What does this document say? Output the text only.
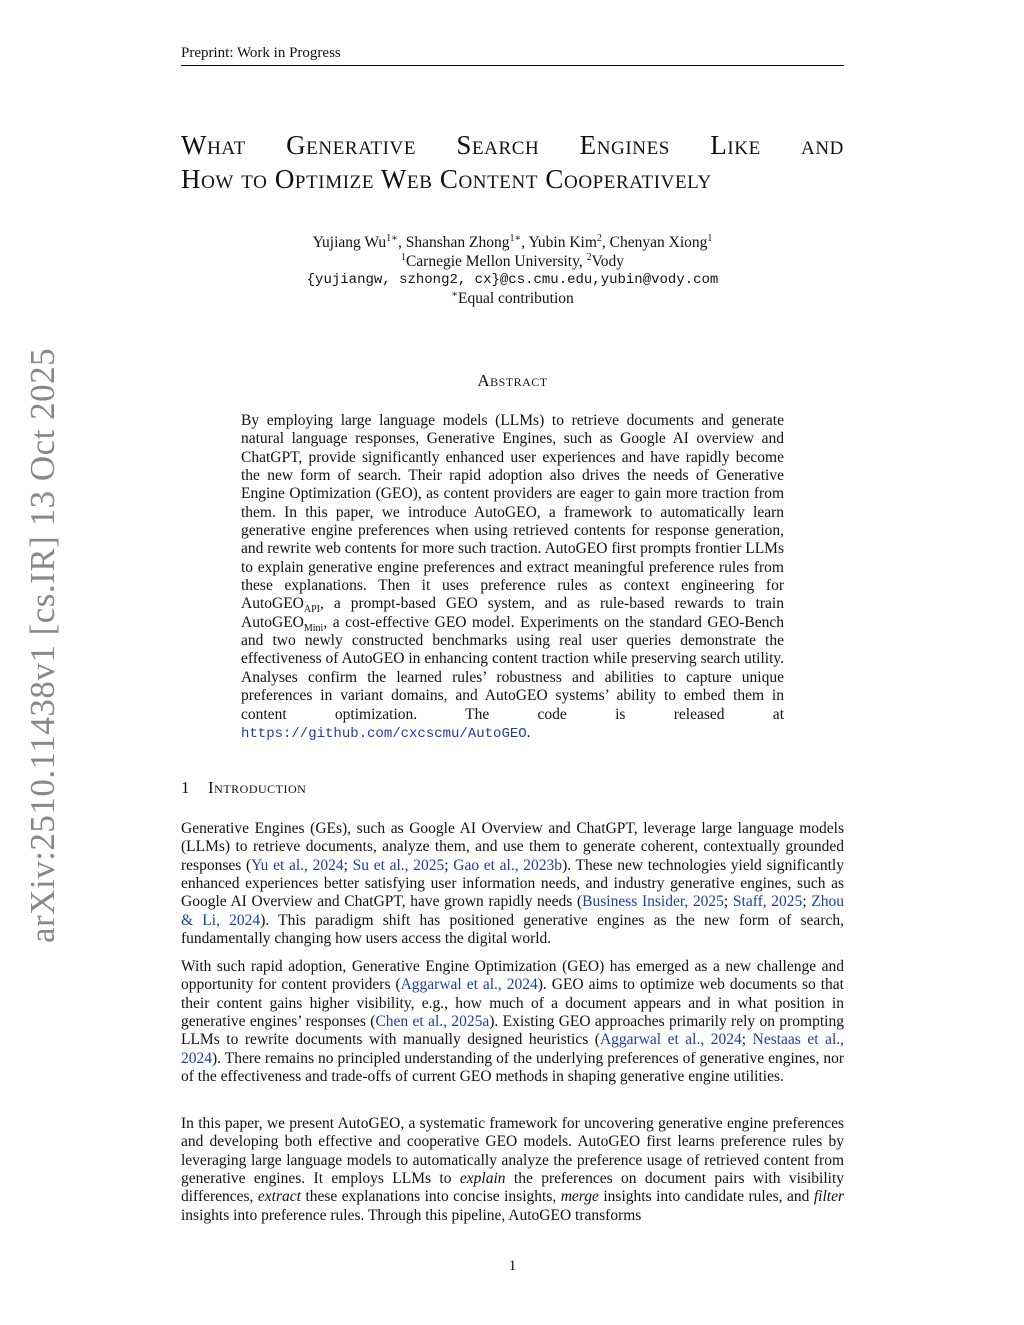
Preprint: Work in Progress
arXiv:2510.11438v1 [cs.IR] 13 Oct 2025
What Generative Search Engines Like and
How to Optimize Web Content Cooperatively
Yujiang $Wu^{1∗}$, Shanshan Zhong$^{1∗}$, Yubin Kim$^2$, Chenyan Xiong$^1$
$^1$Carnegie Mellon University, $^2$Vody
{yujiangw, szhong2, cx}@cs.cmu.edu,yubin@vody.com
∗Equal contribution
Abstract
By employing large language models (LLMs) to retrieve documents and generate natural language responses, Generative Engines, such as Google AI overview and ChatGPT, provide significantly enhanced user experiences and have rapidly become the new form of search. Their rapid adoption also drives the needs of Generative Engine Optimization (GEO), as content providers are eager to gain more traction from them. In this paper, we introduce AutoGEO, a framework to automatically learn generative engine preferences when using retrieved contents for response generation, and rewrite web contents for more such traction. AutoGEO first prompts frontier LLMs to explain generative engine preferences and extract meaningful preference rules from these explanations. Then it uses preference rules as context engineering for AutoGEO$_{API}$, a prompt-based GEO system, and as rule-based rewards to train AutoGEO$_{Mini}$, a cost-effective GEO model. Experiments on the standard GEO-Bench and two newly constructed benchmarks using real user queries demonstrate the effectiveness of AutoGEO in enhancing content traction while preserving search utility. Analyses confirm the learned rules’ robustness and abilities to capture unique preferences in variant domains, and AutoGEO systems’ ability to embed them in content optimization. The code is released at https://github.com/cxcscmu/AutoGEO.
1 Introduction
Generative Engines (GEs), such as Google AI Overview and ChatGPT, leverage large language models (LLMs) to retrieve documents, analyze them, and use them to generate coherent, contextually grounded responses (Yu et al., 2024; Su et al., 2025; Gao et al., 2023b). These new technologies yield significantly enhanced experiences better satisfying user information needs, and industry generative engines, such as Google AI Overview and ChatGPT, have grown rapidly needs (Business Insider, 2025; Staff, 2025; Zhou & Li, 2024). This paradigm shift has positioned generative engines as the new form of search, fundamentally changing how users access the digital world.
With such rapid adoption, Generative Engine Optimization (GEO) has emerged as a new challenge and opportunity for content providers (Aggarwal et al., 2024). GEO aims to optimize web documents so that their content gains higher visibility, e.g., how much of a document appears and in what position in generative engines’ responses (Chen et al., 2025a). Existing GEO approaches primarily rely on prompting LLMs to rewrite documents with manually designed heuristics (Aggarwal et al., 2024; Nestaas et al., 2024). There remains no principled understanding of the underlying preferences of generative engines, nor of the effectiveness and trade-offs of current GEO methods in shaping generative engine utilities.
In this paper, we present AutoGEO, a systematic framework for uncovering generative engine preferences and developing both effective and cooperative GEO models. AutoGEO first learns preference rules by leveraging large language models to automatically analyze the preference usage of retrieved content from generative engines. It employs LLMs to explain the preferences on document pairs with visibility differences, extract these explanations into concise insights, merge insights into candidate rules, and filter insights into preference rules. Through this pipeline, AutoGEO transforms
1
